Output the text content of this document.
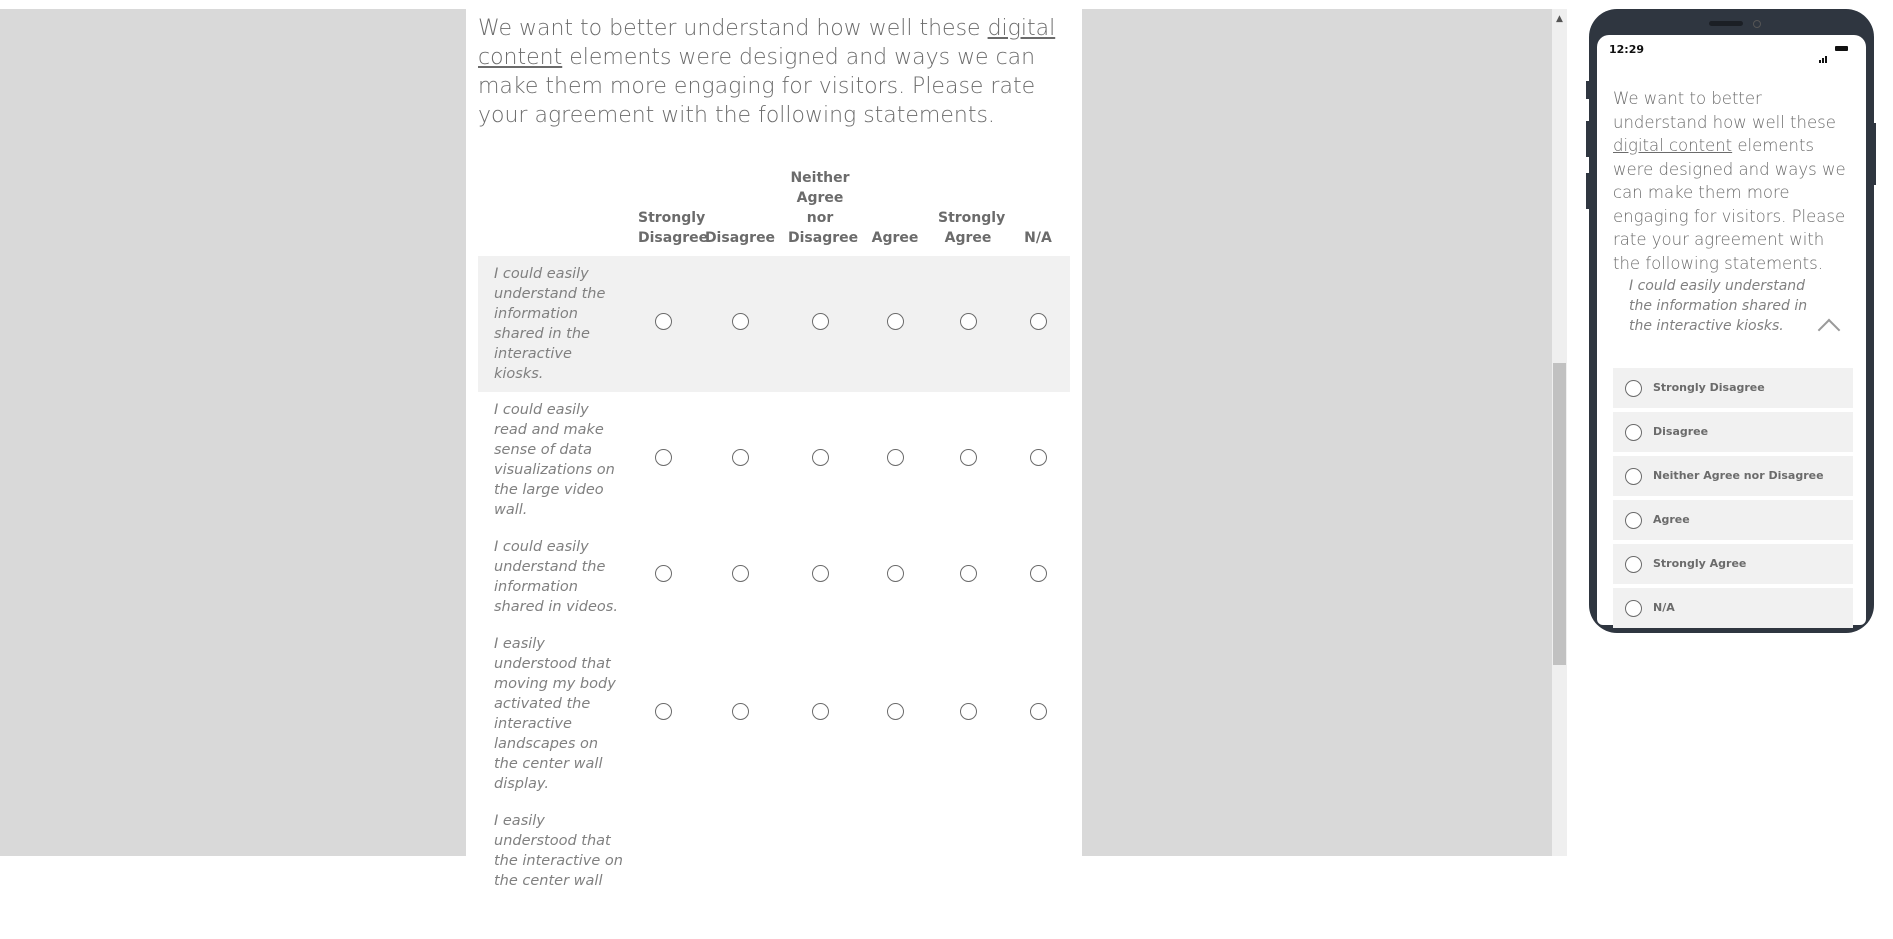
We want to better understand how well these digital content elements were designed and ways we can make them more engaging for visitors. Please rate your agreement with the following statements.

	Strongly Disagree	Disagree	Neither Agree nor Disagree	Agree	Strongly Agree	N/A
I could easily understand the information shared in the interactive kiosks.						
I could easily read and make sense of data visualizations on the large video wall.						
I could easily understand the information shared in videos.						
I easily understood that moving my body activated the interactive landscapes on the center wall display.						
I easily understood that the interactive on the center wall						
▲
12:29

We want to better understand how well these digital content elements were designed and ways we can make them more engaging for visitors. Please rate your agreement with the following statements.

I could easily understand the information shared in the interactive kiosks.
Strongly Disagree
Disagree
Neither Agree nor Disagree
Agree
Strongly Agree
N/A
